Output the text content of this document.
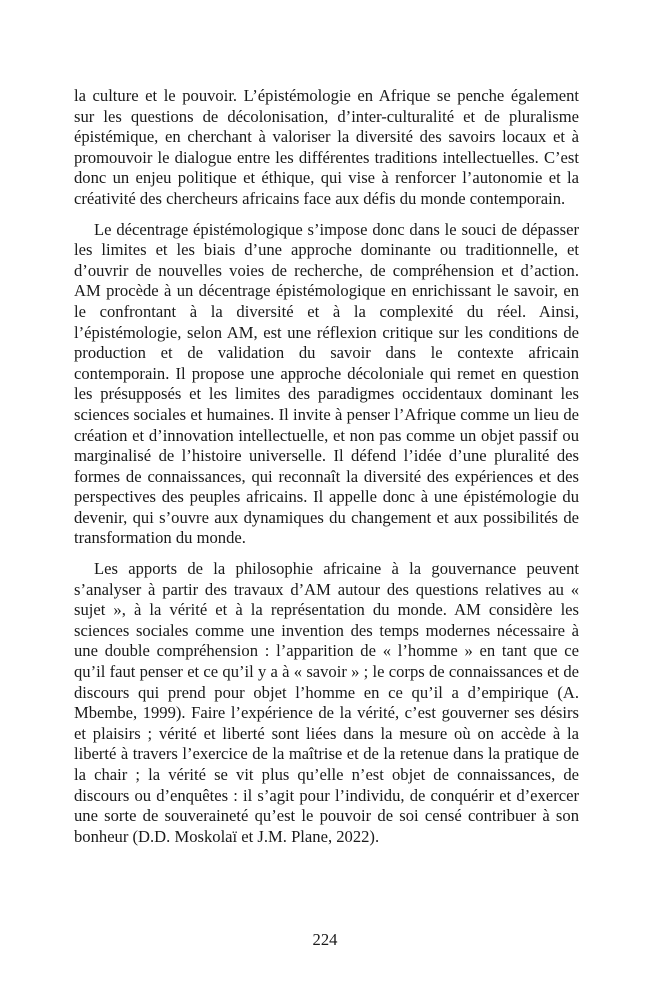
la culture et le pouvoir. L’épistémologie en Afrique se penche également sur les questions de décolonisation, d’inter-culturalité et de pluralisme épistémique, en cherchant à valoriser la diversité des savoirs locaux et à promouvoir le dialogue entre les différentes traditions intellectuelles. C’est donc un enjeu politique et éthique, qui vise à renforcer l’autonomie et la créativité des chercheurs africains face aux défis du monde contemporain.

Le décentrage épistémologique s’impose donc dans le souci de dépasser les limites et les biais d’une approche dominante ou traditionnelle, et d’ouvrir de nouvelles voies de recherche, de compréhension et d’action. AM procède à un décentrage épistémologique en enrichissant le savoir, en le confrontant à la diversité et à la complexité du réel. Ainsi, l’épistémologie, selon AM, est une réflexion critique sur les conditions de production et de validation du savoir dans le contexte africain contemporain. Il propose une approche décoloniale qui remet en question les présupposés et les limites des paradigmes occidentaux dominant les sciences sociales et humaines. Il invite à penser l’Afrique comme un lieu de création et d’innovation intellectuelle, et non pas comme un objet passif ou marginalisé de l’histoire universelle. Il défend l’idée d’une pluralité des formes de connaissances, qui reconnaît la diversité des expériences et des perspectives des peuples africains. Il appelle donc à une épistémologie du devenir, qui s’ouvre aux dynamiques du changement et aux possibilités de transformation du monde.

Les apports de la philosophie africaine à la gouvernance peuvent s’analyser à partir des travaux d’AM autour des questions relatives au « sujet », à la vérité et à la représentation du monde. AM considère les sciences sociales comme une invention des temps modernes nécessaire à une double compréhension : l’apparition de « l’homme » en tant que ce qu’il faut penser et ce qu’il y a à « savoir » ; le corps de connaissances et de discours qui prend pour objet l’homme en ce qu’il a d’empirique (A. Mbembe, 1999). Faire l’expérience de la vérité, c’est gouverner ses désirs et plaisirs ; vérité et liberté sont liées dans la mesure où on accède à la liberté à travers l’exercice de la maîtrise et de la retenue dans la pratique de la chair ; la vérité se vit plus qu’elle n’est objet de connaissances, de discours ou d’enquêtes : il s’agit pour l’individu, de conquérir et d’exercer une sorte de souveraineté qu’est le pouvoir de soi censé contribuer à son bonheur (D.D. Moskolaï et J.M. Plane, 2022).

224
